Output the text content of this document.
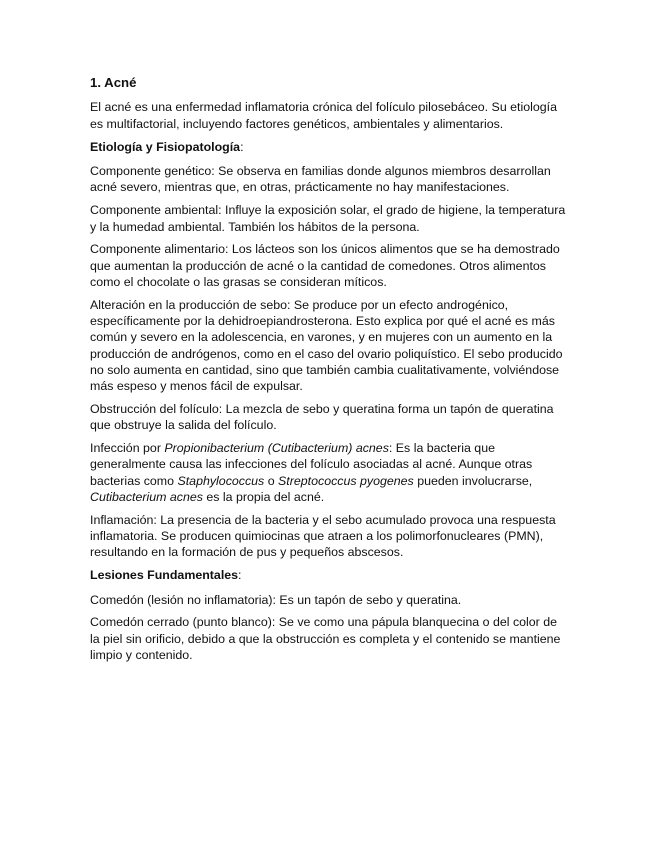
1. Acné

El acné es una enfermedad inflamatoria crónica del folículo pilosebáceo. Su etiología es multifactorial, incluyendo factores genéticos, ambientales y alimentarios.

Etiología y Fisiopatología:

Componente genético: Se observa en familias donde algunos miembros desarrollan acné severo, mientras que, en otras, prácticamente no hay manifestaciones.

Componente ambiental: Influye la exposición solar, el grado de higiene, la temperatura y la humedad ambiental. También los hábitos de la persona.

Componente alimentario: Los lácteos son los únicos alimentos que se ha demostrado que aumentan la producción de acné o la cantidad de comedones. Otros alimentos como el chocolate o las grasas se consideran míticos.

Alteración en la producción de sebo: Se produce por un efecto androgénico, específicamente por la dehidroepiandrosterona. Esto explica por qué el acné es más común y severo en la adolescencia, en varones, y en mujeres con un aumento en la producción de andrógenos, como en el caso del ovario poliquístico. El sebo producido no solo aumenta en cantidad, sino que también cambia cualitativamente, volviéndose más espeso y menos fácil de expulsar.

Obstrucción del folículo: La mezcla de sebo y queratina forma un tapón de queratina que obstruye la salida del folículo.

Infección por Propionibacterium (Cutibacterium) acnes: Es la bacteria que generalmente causa las infecciones del folículo asociadas al acné. Aunque otras bacterias como Staphylococcus o Streptococcus pyogenes pueden involucrarse, Cutibacterium acnes es la propia del acné.

Inflamación: La presencia de la bacteria y el sebo acumulado provoca una respuesta inflamatoria. Se producen quimiocinas que atraen a los polimorfonucleares (PMN), resultando en la formación de pus y pequeños abscesos.

Lesiones Fundamentales:

Comedón (lesión no inflamatoria): Es un tapón de sebo y queratina.

Comedón cerrado (punto blanco): Se ve como una pápula blanquecina o del color de la piel sin orificio, debido a que la obstrucción es completa y el contenido se mantiene limpio y contenido.
